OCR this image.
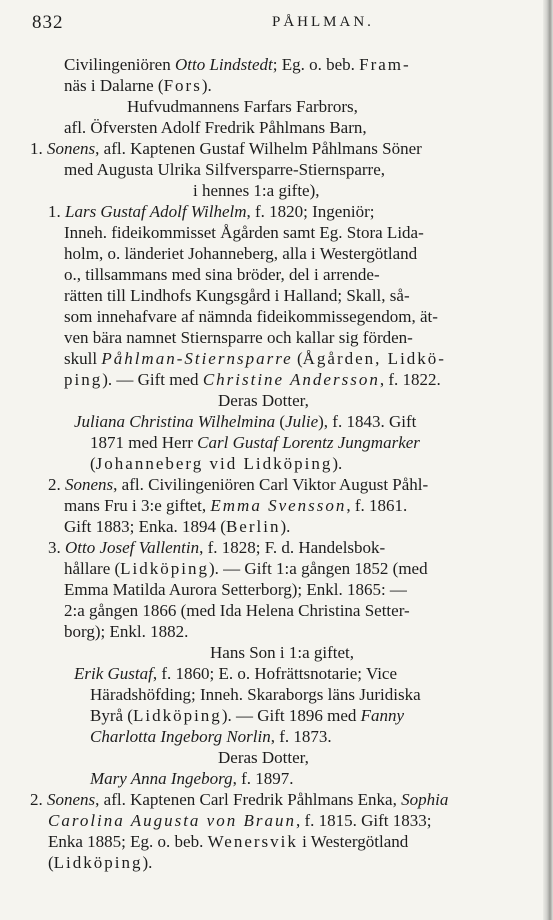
832	PÅHLMAN.
Civilingeniören Otto Lindstedt; Eg. o. beb. Fram-
näs i Dalarne (Fors).
Hufvudmannens Farfars Farbrors,
afl. Öfversten Adolf Fredrik Påhlmans Barn,
1. Sonens, afl. Kaptenen Gustaf Wilhelm Påhlmans Söner
med Augusta Ulrika Silfversparre-Stiernsparre,
i hennes 1:a gifte),
1. Lars Gustaf Adolf Wilhelm, f. 1820; Ingeniör;
Inneh. fideikommisset Ågården samt Eg. Stora Lida-
holm, o. länderiet Johanneberg, alla i Westergötland
o., tillsammans med sina bröder, del i arrende-
rätten till Lindhofs Kungsgård i Halland; Skall, så-
som innehafvare af nämnda fideikommissegendom, ät-
ven bära namnet Stiernsparre och kallar sig förden-
skull Påhlman-Stiernsparre (Ågården, Lidkö-
ping). — Gift med Christine Andersson, f. 1822.
Deras Dotter,
Juliana Christina Wilhelmina (Julie), f. 1843. Gift
1871 med Herr Carl Gustaf Lorentz Jungmarker
(Johanneberg vid Lidköping).
2. Sonens, afl. Civilingeniören Carl Viktor August Påhl-
mans Fru i 3:e giftet, Emma Svensson, f. 1861.
Gift 1883; Enka. 1894 (Berlin).
3. Otto Josef Vallentin, f. 1828; F. d. Handelsbok-
hållare (Lidköping). — Gift 1:a gången 1852 (med
Emma Matilda Aurora Setterborg); Enkl. 1865: —
2:a gången 1866 (med Ida Helena Christina Setter-
borg); Enkl. 1882.
Hans Son i 1:a giftet,
Erik Gustaf, f. 1860; E. o. Hofrättsnotarie; Vice
Häradshöfding; Inneh. Skaraborgs läns Juridiska
Byrå (Lidköping). — Gift 1896 med Fanny
Charlotta Ingeborg Norlin, f. 1873.
Deras Dotter,
Mary Anna Ingeborg, f. 1897.
2. Sonens, afl. Kaptenen Carl Fredrik Påhlmans Enka, Sophia
Carolina Augusta von Braun, f. 1815. Gift 1833;
Enka 1885; Eg. o. beb. Wenersvik i Westergötland
(Lidköping).
